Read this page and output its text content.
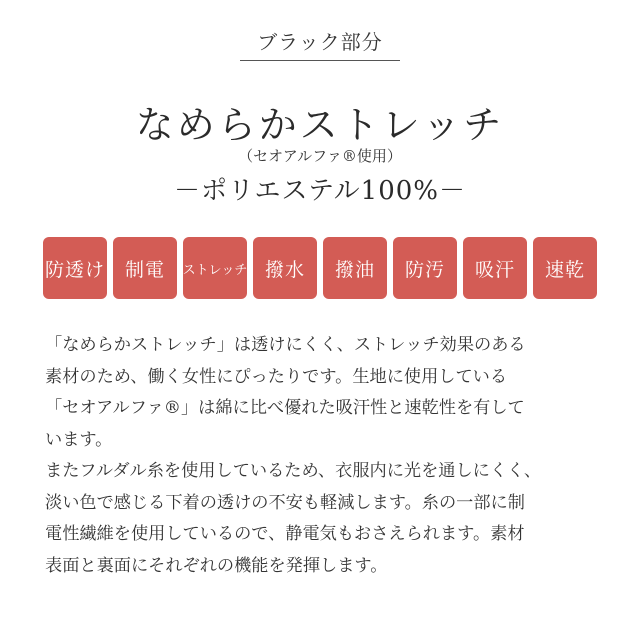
ブラック部分
なめらかストレッチ
（セオアルファ®使用）
－ポリエステル100%－
防透け	制電	ストレッチ 撥水	撥油	防汚	吸汗	速乾

「なめらかストレッチ」は透けにくく、ストレッチ効果のある
素材のため、働く女性にぴったりです。生地に使用している
「セオアルファ®」は綿に比べ優れた吸汗性と速乾性を有して
います。

またフルダル糸を使用しているため、衣服内に光を通しにくく、
淡い色で感じる下着の透けの不安も軽減します。糸の一部に制
電性繊維を使用しているので、静電気もおさえられます。素材
表面と裏面にそれぞれの機能を発揮します。
